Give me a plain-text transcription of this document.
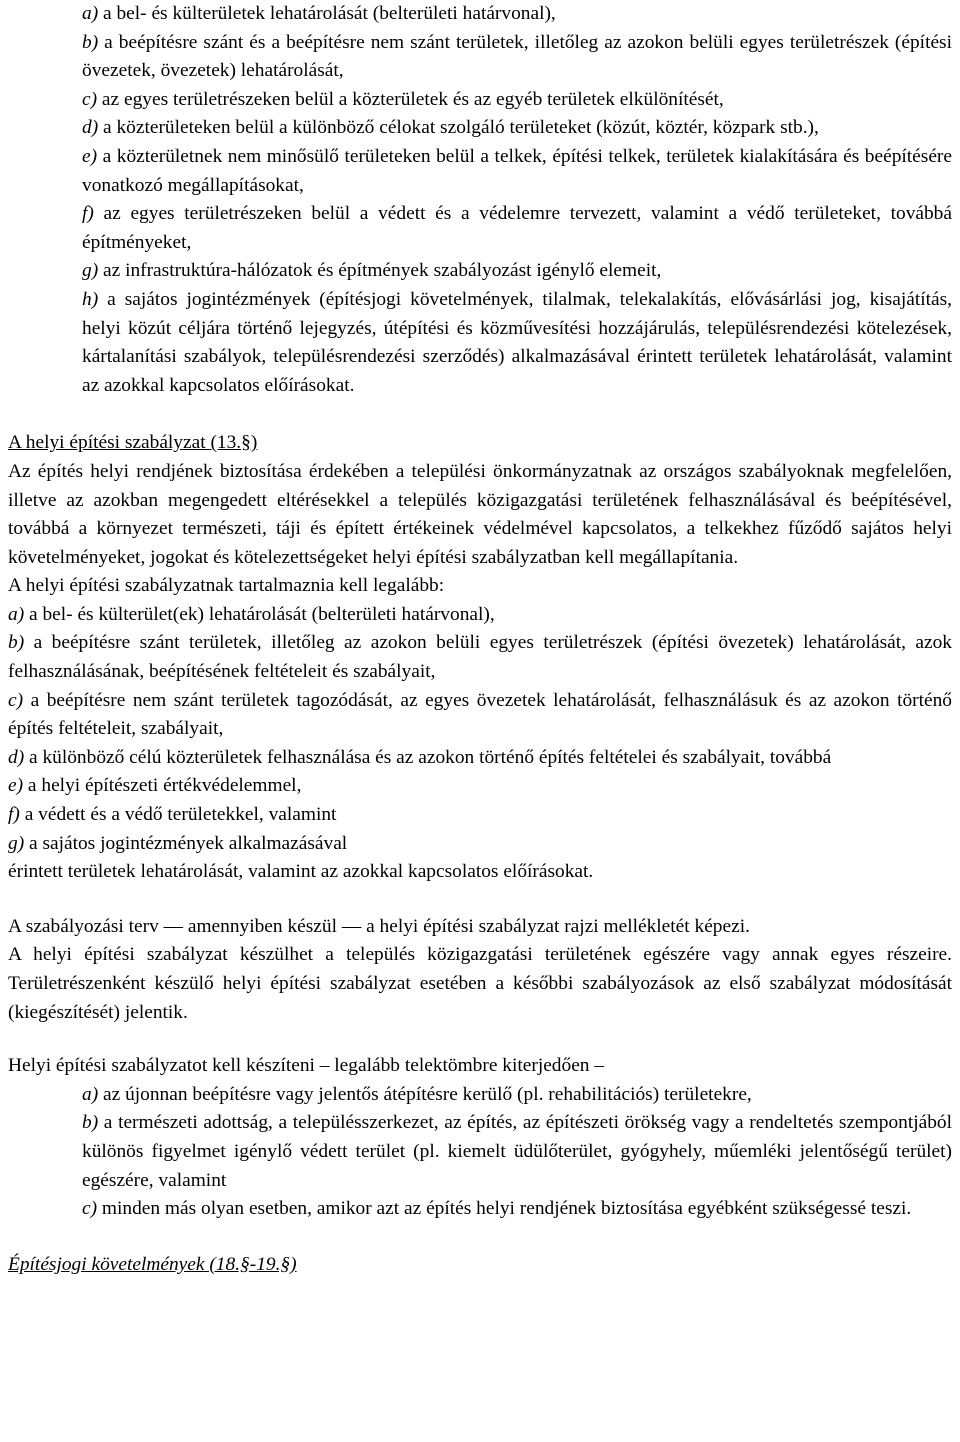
a) a bel- és külterületek lehatárolását (belterületi határvonal),

b) a beépítésre szánt és a beépítésre nem szánt területek, illetőleg az azokon belüli egyes területrészek (építési övezetek, övezetek) lehatárolását,

c) az egyes területrészeken belül a közterületek és az egyéb területek elkülönítését,

d) a közterületeken belül a különböző célokat szolgáló területeket (közút, köztér, közpark stb.),

e) a közterületnek nem minősülő területeken belül a telkek, építési telkek, területek kialakítására és beépítésére vonatkozó megállapításokat,

f) az egyes területrészeken belül a védett és a védelemre tervezett, valamint a védő területeket, továbbá építményeket,

g) az infrastruktúra-hálózatok és építmények szabályozást igénylő elemeit,

h) a sajátos jogintézmények (építésjogi követelmények, tilalmak, telekalakítás, elővásárlási jog, kisajátítás, helyi közút céljára történő lejegyzés, útépítési és közművesítési hozzájárulás, településrendezési kötelezések, kártalanítási szabályok, településrendezési szerződés) alkalmazásával érintett területek lehatárolását, valamint az azokkal kapcsolatos előírásokat.

A helyi építési szabályzat (13.§)

Az építés helyi rendjének biztosítása érdekében a települési önkormányzatnak az országos szabályoknak megfelelően, illetve az azokban megengedett eltérésekkel a település közigazgatási területének felhasználásával és beépítésével, továbbá a környezet természeti, táji és épített értékeinek védelmével kapcsolatos, a telkekhez fűződő sajátos helyi követelményeket, jogokat és kötelezettségeket helyi építési szabályzatban kell megállapítania.

A helyi építési szabályzatnak tartalmaznia kell legalább:

a) a bel- és külterület(ek) lehatárolását (belterületi határvonal),

b) a beépítésre szánt területek, illetőleg az azokon belüli egyes területrészek (építési övezetek) lehatárolását, azok felhasználásának, beépítésének feltételeit és szabályait,

c) a beépítésre nem szánt területek tagozódását, az egyes övezetek lehatárolását, felhasználásuk és az azokon történő építés feltételeit, szabályait,

d) a különböző célú közterületek felhasználása és az azokon történő építés feltételei és szabályait, továbbá

e) a helyi építészeti értékvédelemmel,

f) a védett és a védő területekkel, valamint

g) a sajátos jogintézmények alkalmazásával

érintett területek lehatárolását, valamint az azokkal kapcsolatos előírásokat.

A szabályozási terv — amennyiben készül — a helyi építési szabályzat rajzi mellékletét képezi.

A helyi építési szabályzat készülhet a település közigazgatási területének egészére vagy annak egyes részeire. Területrészenként készülő helyi építési szabályzat esetében a későbbi szabályozások az első szabályzat módosítását (kiegészítését) jelentik.

Helyi építési szabályzatot kell készíteni – legalább telektömbre kiterjedően –

a) az újonnan beépítésre vagy jelentős átépítésre kerülő (pl. rehabilitációs) területekre,

b) a természeti adottság, a településszerkezet, az építés, az építészeti örökség vagy a rendeltetés szempontjából különös figyelmet igénylő védett terület (pl. kiemelt üdülőterület, gyógyhely, műemléki jelentőségű terület) egészére, valamint

c) minden más olyan esetben, amikor azt az építés helyi rendjének biztosítása egyébként szükségessé teszi.

Építésjogi követelmények (18.§-19.§)
